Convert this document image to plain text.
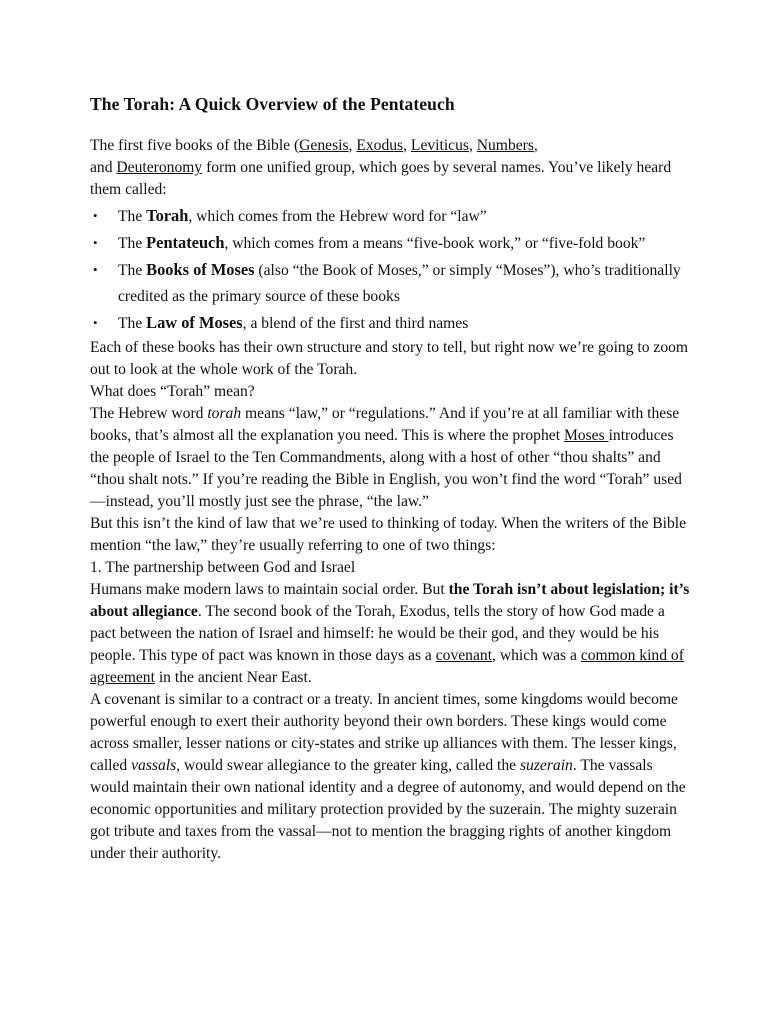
The Torah: A Quick Overview of the Pentateuch

The first five books of the Bible (Genesis, Exodus, Leviticus, Numbers,
and Deuteronomy form one unified group, which goes by several names. You’ve likely heard them called:

• The Torah, which comes from the Hebrew word for “law”
• The Pentateuch, which comes from a means “five-book work,” or “five-fold book”
• The Books of Moses (also “the Book of Moses,” or simply “Moses”), who’s traditionally credited as the primary source of these books
• The Law of Moses, a blend of the first and third names

Each of these books has their own structure and story to tell, but right now we’re going to zoom out to look at the whole work of the Torah.

What does “Torah” mean?

The Hebrew word torah means “law,” or “regulations.” And if you’re at all familiar with these books, that’s almost all the explanation you need. This is where the prophet Moses introduces the people of Israel to the Ten Commandments, along with a host of other “thou shalts” and “thou shalt nots.” If you’re reading the Bible in English, you won’t find the word “Torah” used—instead, you’ll mostly just see the phrase, “the law.”

But this isn’t the kind of law that we’re used to thinking of today. When the writers of the Bible mention “the law,” they’re usually referring to one of two things:

1. The partnership between God and Israel

Humans make modern laws to maintain social order. But the Torah isn’t about legislation; it’s about allegiance. The second book of the Torah, Exodus, tells the story of how God made a pact between the nation of Israel and himself: he would be their god, and they would be his people. This type of pact was known in those days as a covenant, which was a common kind of agreement in the ancient Near East.

A covenant is similar to a contract or a treaty. In ancient times, some kingdoms would become powerful enough to exert their authority beyond their own borders. These kings would come across smaller, lesser nations or city-states and strike up alliances with them. The lesser kings, called vassals, would swear allegiance to the greater king, called the suzerain. The vassals would maintain their own national identity and a degree of autonomy, and would depend on the economic opportunities and military protection provided by the suzerain. The mighty suzerain got tribute and taxes from the vassal—not to mention the bragging rights of another kingdom under their authority.
